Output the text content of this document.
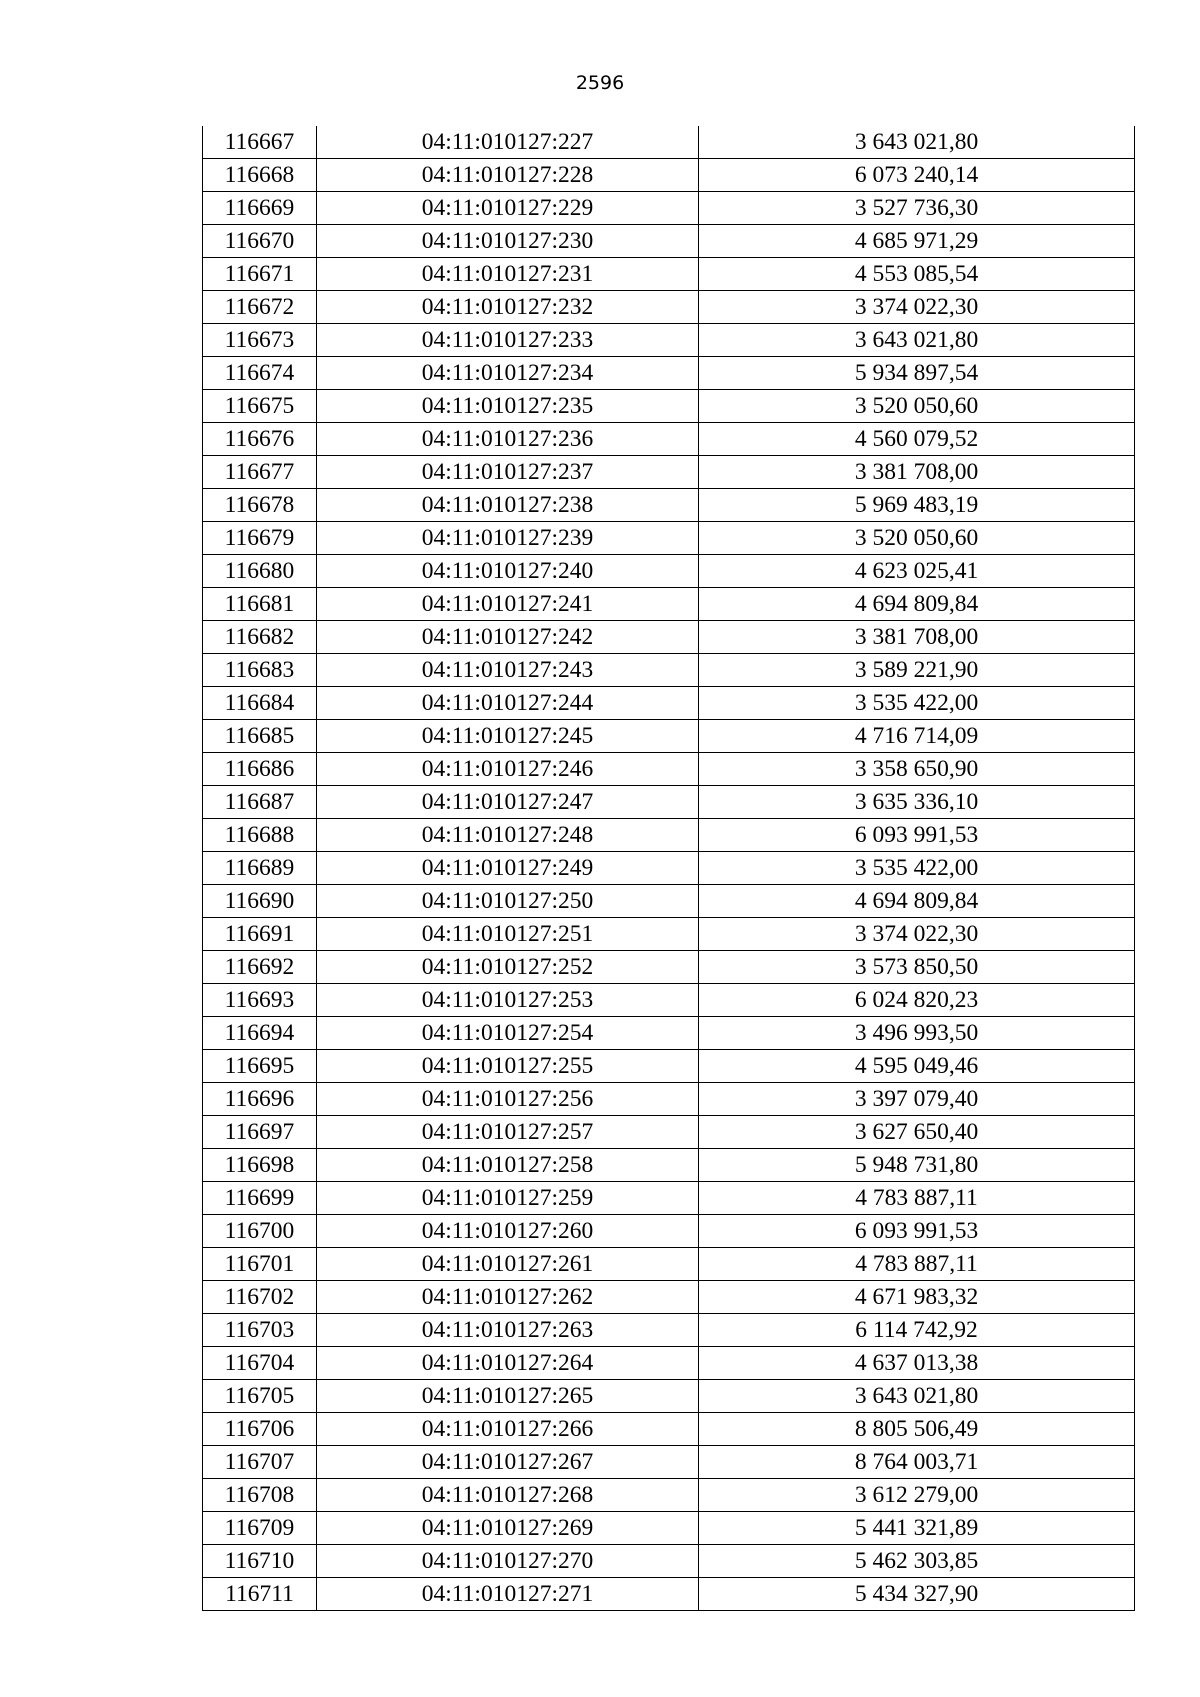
2596
116667	04:11:010127:227	3 643 021,80
116668	04:11:010127:228	6 073 240,14
116669	04:11:010127:229	3 527 736,30
116670	04:11:010127:230	4 685 971,29
116671	04:11:010127:231	4 553 085,54
116672	04:11:010127:232	3 374 022,30
116673	04:11:010127:233	3 643 021,80
116674	04:11:010127:234	5 934 897,54
116675	04:11:010127:235	3 520 050,60
116676	04:11:010127:236	4 560 079,52
116677	04:11:010127:237	3 381 708,00
116678	04:11:010127:238	5 969 483,19
116679	04:11:010127:239	3 520 050,60
116680	04:11:010127:240	4 623 025,41
116681	04:11:010127:241	4 694 809,84
116682	04:11:010127:242	3 381 708,00
116683	04:11:010127:243	3 589 221,90
116684	04:11:010127:244	3 535 422,00
116685	04:11:010127:245	4 716 714,09
116686	04:11:010127:246	3 358 650,90
116687	04:11:010127:247	3 635 336,10
116688	04:11:010127:248	6 093 991,53
116689	04:11:010127:249	3 535 422,00
116690	04:11:010127:250	4 694 809,84
116691	04:11:010127:251	3 374 022,30
116692	04:11:010127:252	3 573 850,50
116693	04:11:010127:253	6 024 820,23
116694	04:11:010127:254	3 496 993,50
116695	04:11:010127:255	4 595 049,46
116696	04:11:010127:256	3 397 079,40
116697	04:11:010127:257	3 627 650,40
116698	04:11:010127:258	5 948 731,80
116699	04:11:010127:259	4 783 887,11
116700	04:11:010127:260	6 093 991,53
116701	04:11:010127:261	4 783 887,11
116702	04:11:010127:262	4 671 983,32
116703	04:11:010127:263	6 114 742,92
116704	04:11:010127:264	4 637 013,38
116705	04:11:010127:265	3 643 021,80
116706	04:11:010127:266	8 805 506,49
116707	04:11:010127:267	8 764 003,71
116708	04:11:010127:268	3 612 279,00
116709	04:11:010127:269	5 441 321,89
116710	04:11:010127:270	5 462 303,85
116711	04:11:010127:271	5 434 327,90
